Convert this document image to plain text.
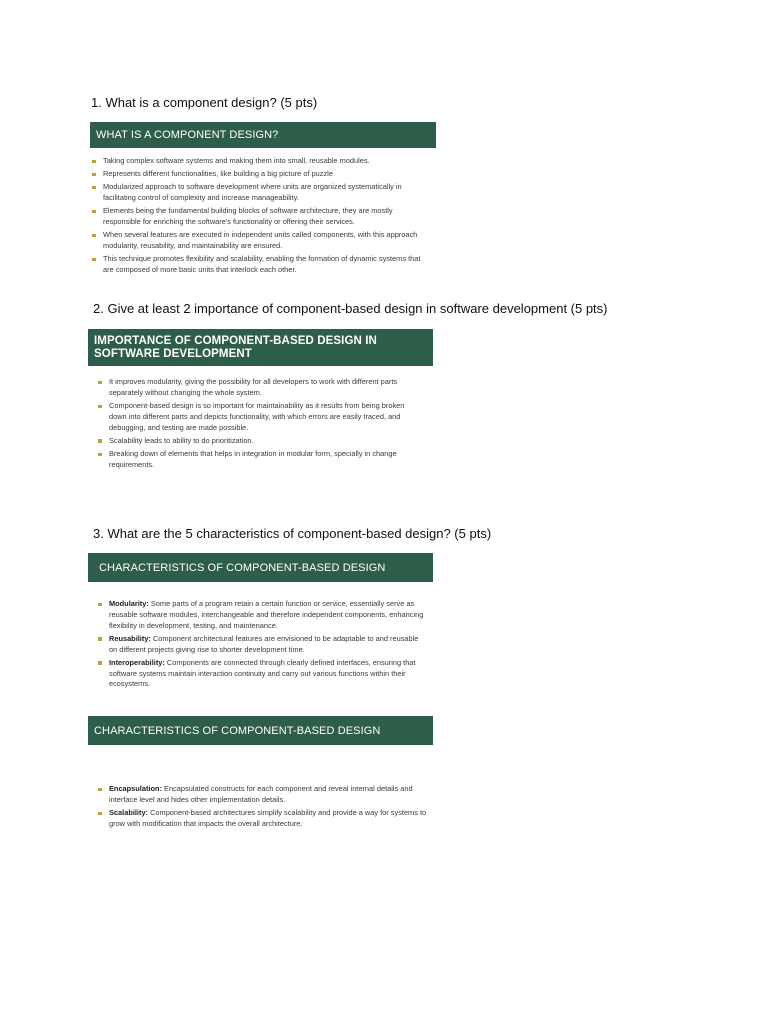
1. What is a component design? (5 pts)

WHAT IS A COMPONENT DESIGN?
Taking complex software systems and making them into small, reusable modules.
Represents different functionalities, like building a big picture of puzzle
Modularized approach to software development where units are organized systematically in facilitating control of complexity and increase manageability.
Elements being the fundamental building blocks of software architecture, they are mostly responsible for enriching the software's functionality or offering their services.
When several features are executed in independent units called components, with this approach modularity, reusability, and maintainability are ensured.
This technique promotes flexibility and scalability, enabling the formation of dynamic systems that are composed of more basic units that interlock each other.

2. Give at least 2 importance of component-based design in software development (5 pts)

IMPORTANCE OF COMPONENT-BASED DESIGN IN SOFTWARE DEVELOPMENT
It improves modularity, giving the possibility for all developers to work with different parts separately without changing the whole system.
Component-based design is so important for maintainability as it results from being broken down into different parts and depicts functionality, with which errors are easily traced, and debugging, and testing are made possible.
Scalability leads to ability to do prioritization.
Breaking down of elements that helps in integration in modular form, specially in change requirements.

3. What are the 5 characteristics of component-based design? (5 pts)

CHARACTERISTICS OF COMPONENT-BASED DESIGN
Modularity: Some parts of a program retain a certain function or service, essentially serve as reusable software modules, interchangeable and therefore independent components, enhancing flexibility in development, testing, and maintenance.
Reusability: Component architectural features are envisioned to be adaptable to and reusable on different projects giving rise to shorter development time.
Interoperability: Components are connected through clearly defined interfaces, ensuring that software systems maintain interaction continuity and carry out various functions within their ecosystems.
CHARACTERISTICS OF COMPONENT-BASED DESIGN
Encapsulation: Encapsulated constructs for each component and reveal internal details and interface level and hides other implementation details.
Scalability: Component-based architectures simplify scalability and provide a way for systems to grow with modification that impacts the overall architecture.
